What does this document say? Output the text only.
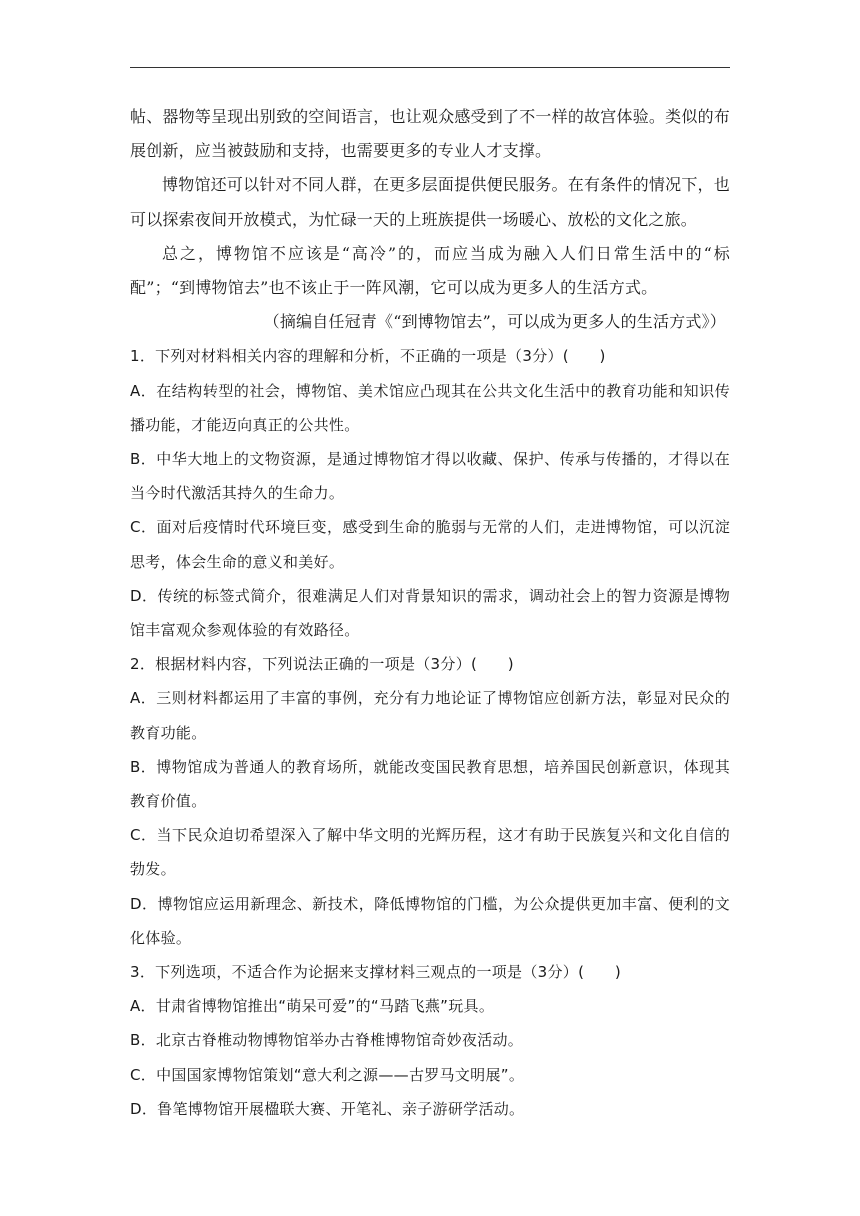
帖、器物等呈现出别致的空间语言，也让观众感受到了不一样的故宫体验。类似的布展创新，应当被鼓励和支持，也需要更多的专业人才支撑。

博物馆还可以针对不同人群，在更多层面提供便民服务。在有条件的情况下，也可以探索夜间开放模式，为忙碌一天的上班族提供一场暖心、放松的文化之旅。

总之，博物馆不应该是“高冷”的，而应当成为融入人们日常生活中的“标配”；“到博物馆去”也不该止于一阵风潮，它可以成为更多人的生活方式。

（摘编自任冠青《“到博物馆去”，可以成为更多人的生活方式》）

1．下列对材料相关内容的理解和分析，不正确的一项是（3分）(　　)

A．在结构转型的社会，博物馆、美术馆应凸现其在公共文化生活中的教育功能和知识传播功能，才能迈向真正的公共性。

B．中华大地上的文物资源，是通过博物馆才得以收藏、保护、传承与传播的，才得以在当今时代激活其持久的生命力。

C．面对后疫情时代环境巨变，感受到生命的脆弱与无常的人们，走进博物馆，可以沉淀思考，体会生命的意义和美好。

D．传统的标签式简介，很难满足人们对背景知识的需求，调动社会上的智力资源是博物馆丰富观众参观体验的有效路径。

2．根据材料内容，下列说法正确的一项是（3分）(　　)

A．三则材料都运用了丰富的事例，充分有力地论证了博物馆应创新方法，彰显对民众的教育功能。

B．博物馆成为普通人的教育场所，就能改变国民教育思想，培养国民创新意识，体现其教育价值。

C．当下民众迫切希望深入了解中华文明的光辉历程，这才有助于民族复兴和文化自信的勃发。

D．博物馆应运用新理念、新技术，降低博物馆的门槛，为公众提供更加丰富、便利的文化体验。

3．下列选项，不适合作为论据来支撑材料三观点的一项是（3分）(　　)

A．甘肃省博物馆推出“萌呆可爱”的“马踏飞燕”玩具。

B．北京古脊椎动物博物馆举办古脊椎博物馆奇妙夜活动。

C．中国国家博物馆策划“意大利之源——古罗马文明展”。

D．鲁笔博物馆开展楹联大赛、开笔礼、亲子游研学活动。
